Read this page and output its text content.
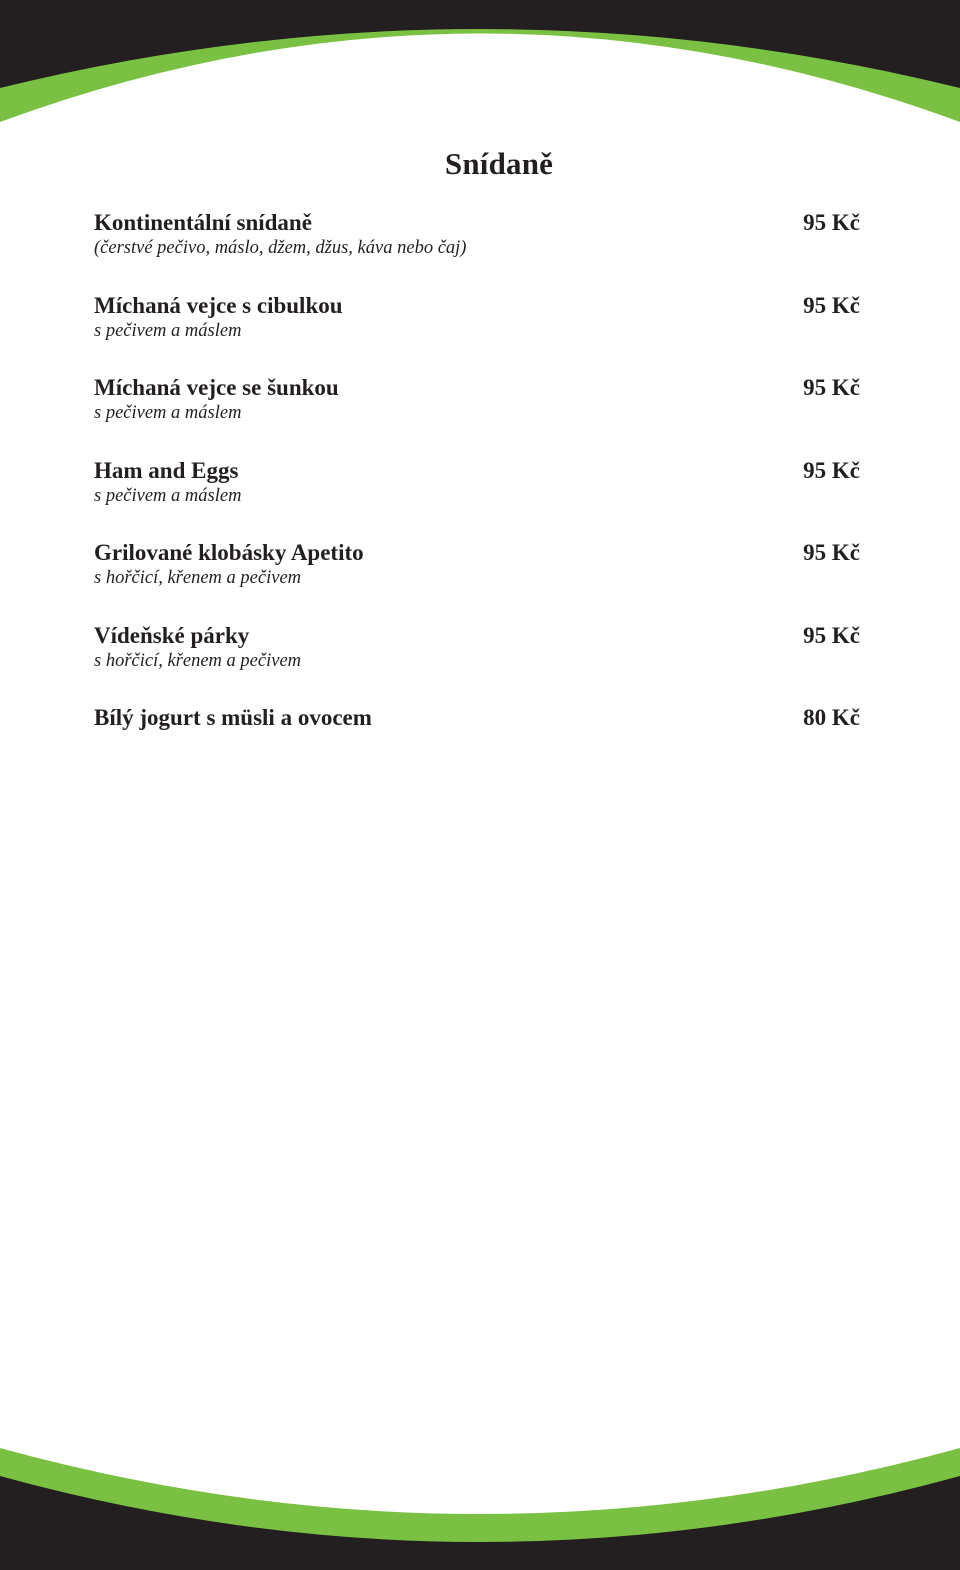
Snídaně
Kontinentální snídaně
(čerstvé pečivo, máslo, džem, džus, káva nebo čaj)
95 Kč
Míchaná vejce s cibulkou
s pečivem a máslem
95 Kč
Míchaná vejce se šunkou
s pečivem a máslem
95 Kč
Ham and Eggs
s pečivem a máslem
95 Kč
Grilované klobásky Apetito
s hořčicí, křenem a pečivem
95 Kč
Vídeňské párky
s hořčicí, křenem a pečivem
95 Kč
Bílý jogurt s müsli a ovocem	80 Kč
